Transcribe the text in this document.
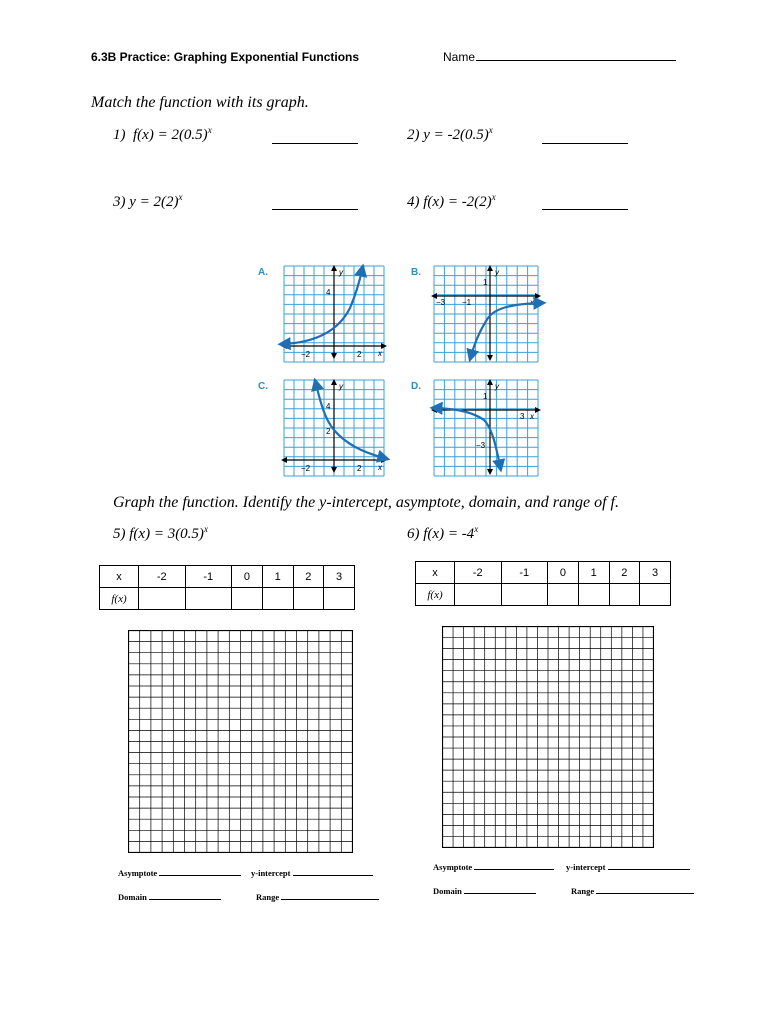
6.3B Practice: Graphing Exponential Functions	Name
Match the function with its graph.
1) $f(x) = 2(0.5)^x$	2) $y = -2(0.5)^x$
3) $y = 2(2)^x$	4) $f(x) = -2(2)^x$
A.	y
x
4
−2	2
B.	y
x
1
−3 −1
C.	y
x
4
2
−2	2
D.	y
x
1
3
−3
Graph the function. Identify the y-intercept, asymptote, domain, and range of f.
5) $f(x) = 3(0.5)^x$	6) $f(x) = -4^x$
x	-2	-1	0	1	2	3
f(x)						
x	-2	-1	0	1	2	3
f(x)						
Asymptote	y-intercept
Domain	Range
Asymptote	y-intercept
Domain	Range
